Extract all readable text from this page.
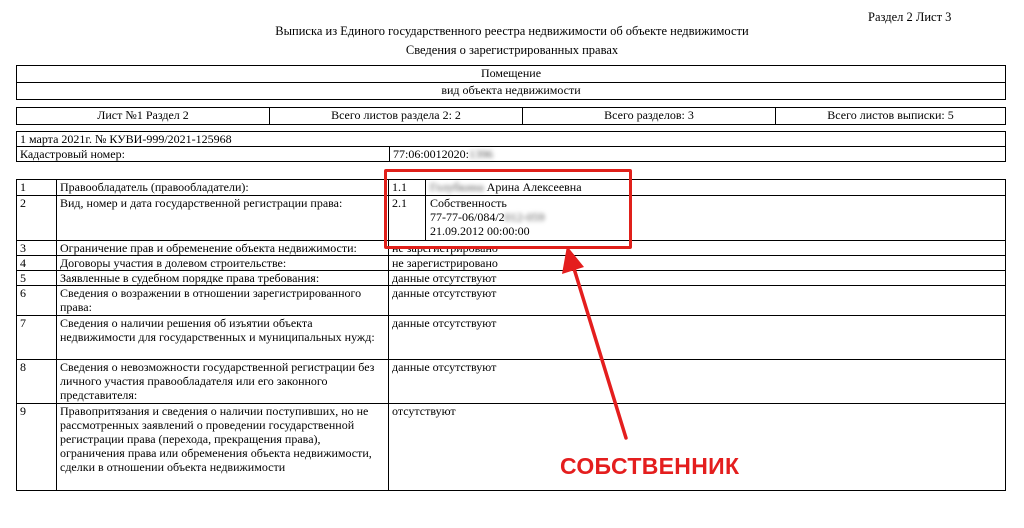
Раздел 2 Лист 3
Выписка из Единого государственного реестра недвижимости об объекте недвижимости
Сведения о зарегистрированных правах
Помещение
вид объекта недвижимости
Лист №1 Раздел 2	Всего листов раздела 2: 2	Всего разделов: 3	Всего листов выписки: 5
1 марта 2021г. № КУВИ-999/2021-125968
Кадастровый номер:	77:06:0012020:1396
1	Правообладатель (правообладатели):		1.1	Голубкина Арина Алексеевна

2	Вид, номер и дата государственной регистрации права:		2.1	Собственность
77-77-06/084/2012-059
21.09.2012 00:00:00

3	Ограничение прав и обременение объекта недвижимости:	не зарегистрировано
4	Договоры участия в долевом строительстве:	не зарегистрировано
5	Заявленные в судебном порядке права требования:	данные отсутствуют
6	Сведения о возражении в отношении зарегистрированного права:	данные отсутствуют
7	Сведения о наличии решения об изъятии объекта недвижимости для государственных и муниципальных нужд:	данные отсутствуют
8	Сведения о невозможности государственной регистрации без личного участия правообладателя или его законного представителя:	данные отсутствуют
9	Правопритязания и сведения о наличии поступивших, но не рассмотренных заявлений о проведении государственной регистрации права (перехода, прекращения права), ограничения права или обременения объекта недвижимости, сделки в отношении объекта недвижимости	отсутствуют
СОБСТВЕННИК
